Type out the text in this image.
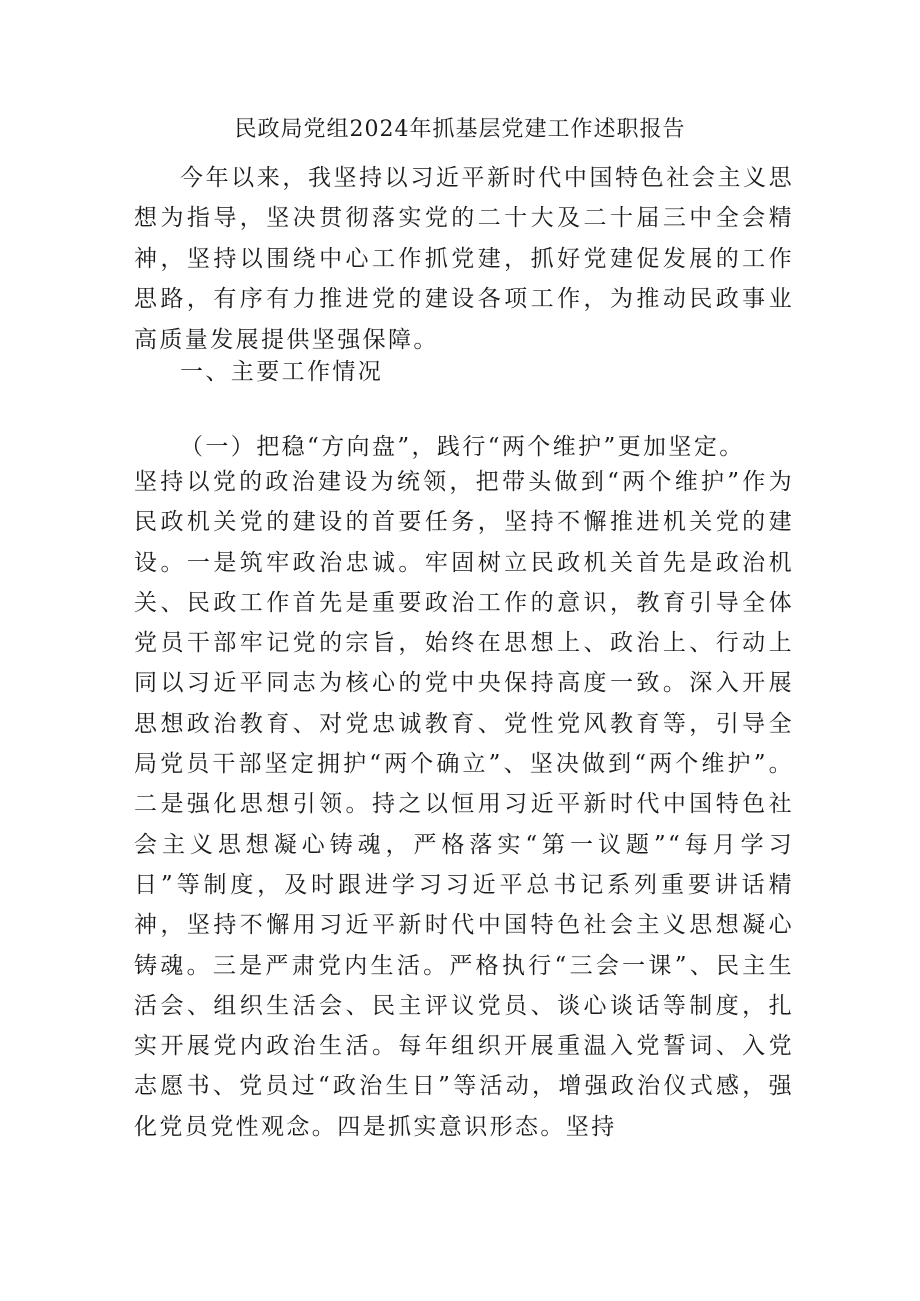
民政局党组2024年抓基层党建工作述职报告

今年以来，我坚持以习近平新时代中国特色社会主义思想为指导，坚决贯彻落实党的二十大及二十届三中全会精神，坚持以围绕中心工作抓党建，抓好党建促发展的工作思路，有序有力推进党的建设各项工作，为推动民政事业高质量发展提供坚强保障。

一、主要工作情况

（一）把稳“方向盘”，践行“两个维护”更加坚定。

坚持以党的政治建设为统领，把带头做到“两个维护”作为民政机关党的建设的首要任务，坚持不懈推进机关党的建设。一是筑牢政治忠诚。牢固树立民政机关首先是政治机关、民政工作首先是重要政治工作的意识，教育引导全体党员干部牢记党的宗旨，始终在思想上、政治上、行动上同以习近平同志为核心的党中央保持高度一致。深入开展思想政治教育、对党忠诚教育、党性党风教育等，引导全局党员干部坚定拥护“两个确立”、坚决做到“两个维护”。二是强化思想引领。持之以恒用习近平新时代中国特色社会主义思想凝心铸魂，严格落实“第一议题”“每月学习日”等制度，及时跟进学习习近平总书记系列重要讲话精神，坚持不懈用习近平新时代中国特色社会主义思想凝心铸魂。三是严肃党内生活。严格执行“三会一课”、民主生活会、组织生活会、民主评议党员、谈心谈话等制度，扎实开展党内政治生活。每年组织开展重温入党誓词、入党志愿书、党员过“政治生日”等活动，增强政治仪式感，强化党员党性观念。四是抓实意识形态。坚持
